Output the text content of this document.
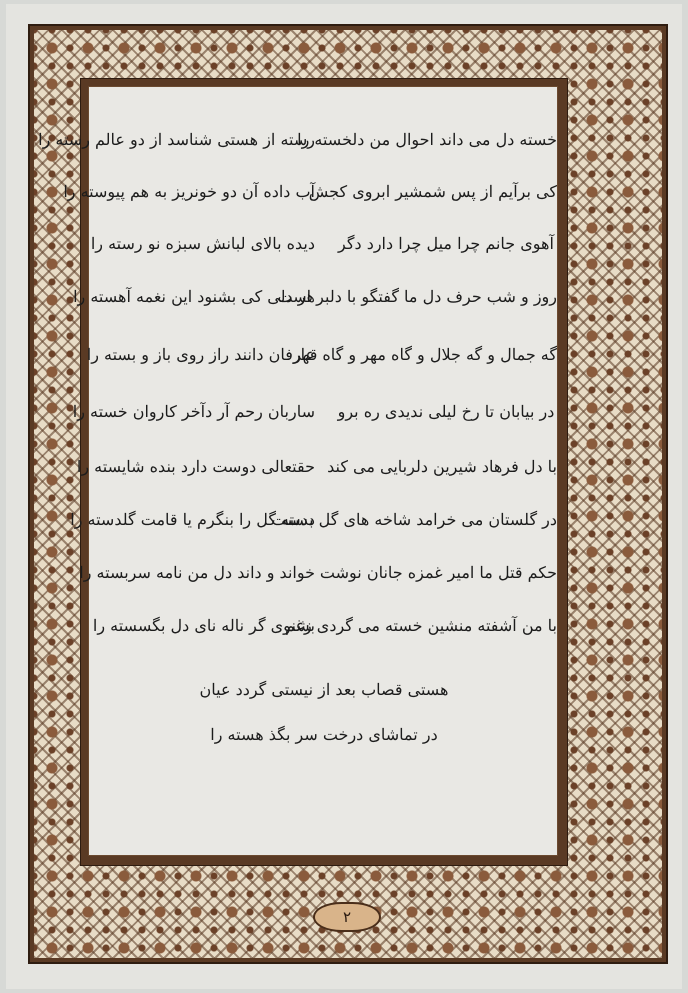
خسته دل می داند احوال من دلخسته را
رسته از هستی شناسد از دو عالم رسته را
کی برآیم از پس شمشیر ابروی کجش
آب داده آن دو خونریز به هم پیوسته را
آهوی جانم چرا میل چرا دارد دگر
دیده بالای لبانش سبزه نو رسته را
روز و شب حرف دل ما گفتگو با دلبر است
هر دلی کی بشنود این نغمه آهسته را
گه جمال و گه جلال و گاه مهر و گاه قهر
عارفان دانند راز روی باز و بسته را
در بیابان تا رخ لیلی ندیدی ره برو
ساربان رحم آر دآخر کاروان خسته را
با دل فرهاد شیرین دلربایی می کند
حقتعالی دوست دارد بنده شایسته را
در گلستان می خرامد شاخه های گل بدست
دسته گل را بنگرم یا قامت گلدسته را
حکم قتل ما امیر غمزه جانان نوشت
خواند و داند دل من نامه سربسته را
با من آشفته منشین خسته می گردی زغم
بشنوی گر ناله نای دل بگسسته را
هستی قصاب بعد از نیستی گردد عیان
در تماشای درخت سر بگذ هسته را
۲
